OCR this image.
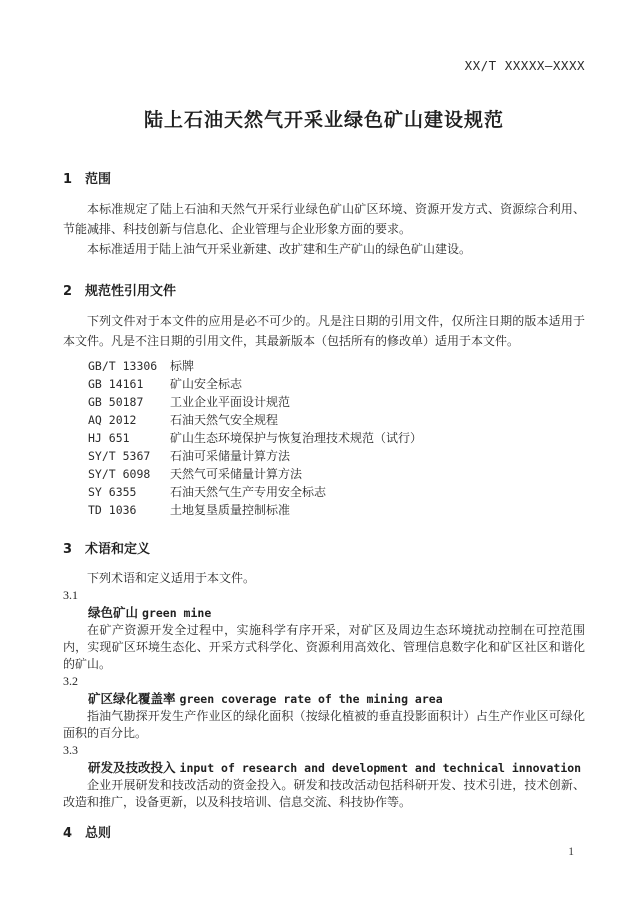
XX/T XXXXX—XXXX
陆上石油天然气开采业绿色矿山建设规范
1 范围

本标准规定了陆上石油和天然气开采行业绿色矿山矿区环境、资源开发方式、资源综合利用、节能减排、科技创新与信息化、企业管理与企业形象方面的要求。

本标准适用于陆上油气开采业新建、改扩建和生产矿山的绿色矿山建设。

2 规范性引用文件

下列文件对于本文件的应用是必不可少的。凡是注日期的引用文件，仅所注日期的版本适用于本文件。凡是不注日期的引用文件，其最新版本（包括所有的修改单）适用于本文件。

GB/T 13306 标牌
GB 14161 矿山安全标志
GB 50187 工业企业平面设计规范
AQ 2012	石油天然气安全规程
HJ 651	矿山生态环境保护与恢复治理技术规范（试行）
SY/T 5367 石油可采储量计算方法
SY/T 6098 天然气可采储量计算方法
SY 6355	石油天然气生产专用安全标志
TD 1036	土地复垦质量控制标准
3 术语和定义

下列术语和定义适用于本文件。

3.1
绿色矿山 green mine

在矿产资源开发全过程中，实施科学有序开采，对矿区及周边生态环境扰动控制在可控范围内，实现矿区环境生态化、开采方式科学化、资源利用高效化、管理信息数字化和矿区社区和谐化的矿山。

3.2
矿区绿化覆盖率 green coverage rate of the mining area

指油气勘探开发生产作业区的绿化面积（按绿化植被的垂直投影面积计）占生产作业区可绿化面积的百分比。

3.3
研发及技改投入 input of research and development and technical innovation

企业开展研发和技改活动的资金投入。研发和技改活动包括科研开发、技术引进，技术创新、改造和推广，设备更新，以及科技培训、信息交流、科技协作等。

4 总则
1
